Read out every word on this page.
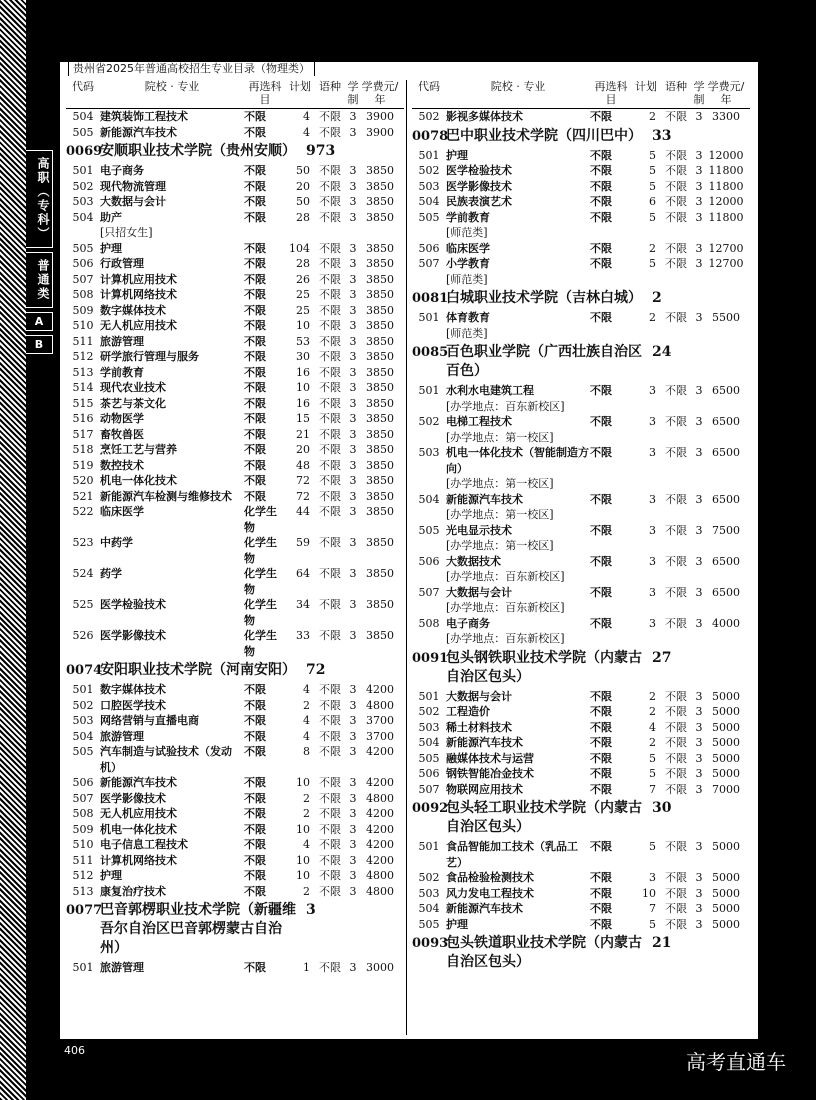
高职（专科）
普通类
A
B
贵州省2025年普通高校招生专业目录（物理类）
代码	院校 · 专业	再选科目
计划 语种 学制
学费元/年
504 建筑装饰工程技术	不限	4 不限 3 3900
505 新能源汽车技术	不限	4 不限 3 3900
0069
安顺职业技术学院（贵州安顺） 973
501 电子商务	不限	50 不限 3 3850
502 现代物流管理	不限	20 不限 3 3850
503 大数据与会计	不限	50 不限 3 3850
504 助产	不限	28 不限 3 3850
[只招女生]
505 护理	不限	104 不限 3 3850
506 行政管理	不限	28 不限 3 3850
507 计算机应用技术	不限	26 不限 3 3850
508 计算机网络技术	不限	25 不限 3 3850
509 数字媒体技术	不限	25 不限 3 3850
510 无人机应用技术	不限	10 不限 3 3850
511 旅游管理	不限	53 不限 3 3850
512 研学旅行管理与服务	不限	30 不限 3 3850
513 学前教育	不限	16 不限 3 3850
514 现代农业技术	不限	10 不限 3 3850
515 茶艺与茶文化	不限	16 不限 3 3850
516 动物医学	不限	15 不限 3 3850
517 畜牧兽医	不限	21 不限 3 3850
518 烹饪工艺与营养	不限	20 不限 3 3850
519 数控技术	不限	48 不限 3 3850
520 机电一体化技术	不限	72 不限 3 3850
521 新能源汽车检测与维修技术	不限	72 不限 3 3850
522 临床医学	化学生物
44 不限 3 3850
523 中药学	化学生物
59 不限 3 3850
524 药学	化学生物
64 不限 3 3850
525 医学检验技术	化学生物
34 不限 3 3850
526 医学影像技术	化学生物
33 不限 3 3850
0074
安阳职业技术学院（河南安阳） 72
501 数字媒体技术	不限	4 不限 3 4200
502 口腔医学技术	不限	2 不限 3 4800
503 网络营销与直播电商	不限	4 不限 3 3700
504 旅游管理	不限	4 不限 3 3700
505 汽车制造与试验技术（发动机）
不限	8 不限 3 4200
506 新能源汽车技术	不限	10 不限 3 4200
507 医学影像技术	不限	2 不限 3 4800
508 无人机应用技术	不限	2 不限 3 4200
509 机电一体化技术	不限	10 不限 3 4200
510 电子信息工程技术	不限	4 不限 3 4200
511 计算机网络技术	不限	10 不限 3 4200
512 护理	不限	10 不限 3 4800
513 康复治疗技术	不限	2 不限 3 4800
0077
巴音郭楞职业技术学院（新疆维吾尔自治区巴音郭楞蒙古自治州）
3
501 旅游管理	不限	1 不限 3 3000
代码	院校 · 专业	再选科目
计划 语种 学制
学费元/年
502 影视多媒体技术	不限	2 不限 3 3300
0078
巴中职业技术学院（四川巴中） 33
501 护理	不限	5 不限 3 12000
502 医学检验技术	不限	5 不限 3 11800
503 医学影像技术	不限	5 不限 3 11800
504 民族表演艺术	不限	6 不限 3 12000
505 学前教育	不限	5 不限 3 11800
[师范类]
506 临床医学	不限	2 不限 3 12700
507 小学教育	不限	5 不限 3 12700
[师范类]
0081
白城职业技术学院（吉林白城） 2
501 体育教育	不限	2 不限 3 5500
[师范类]
0085
百色职业学院（广西壮族自治区百色）
24
501 水利水电建筑工程	不限	3 不限 3 6500
[办学地点：百东新校区]
502 电梯工程技术	不限	3 不限 3 6500
[办学地点：第一校区]
503 机电一体化技术（智能制造方向）
不限	3 不限 3 6500
[办学地点：第一校区]
504 新能源汽车技术	不限	3 不限 3 6500
[办学地点：第一校区]
505 光电显示技术	不限	3 不限 3 7500
[办学地点：第一校区]
506 大数据技术	不限	3 不限 3 6500
[办学地点：百东新校区]
507 大数据与会计	不限	3 不限 3 6500
[办学地点：百东新校区]
508 电子商务	不限	3 不限 3 4000
[办学地点：百东新校区]
0091
包头钢铁职业技术学院（内蒙古自治区包头）
27
501 大数据与会计	不限	2 不限 3 5000
502 工程造价	不限	2 不限 3 5000
503 稀土材料技术	不限	4 不限 3 5000
504 新能源汽车技术	不限	2 不限 3 5000
505 融媒体技术与运营	不限	5 不限 3 5000
506 钢铁智能冶金技术	不限	5 不限 3 5000
507 物联网应用技术	不限	7 不限 3 7000
0092
包头轻工职业技术学院（内蒙古自治区包头）
30
501 食品智能加工技术（乳品工艺）
不限	5 不限 3 5000
502 食品检验检测技术	不限	3 不限 3 5000
503 风力发电工程技术	不限	10 不限 3 5000
504 新能源汽车技术	不限	7 不限 3 5000
505 护理	不限	5 不限 3 5000
0093
包头铁道职业技术学院（内蒙古自治区包头）
21
406	高考直通车
